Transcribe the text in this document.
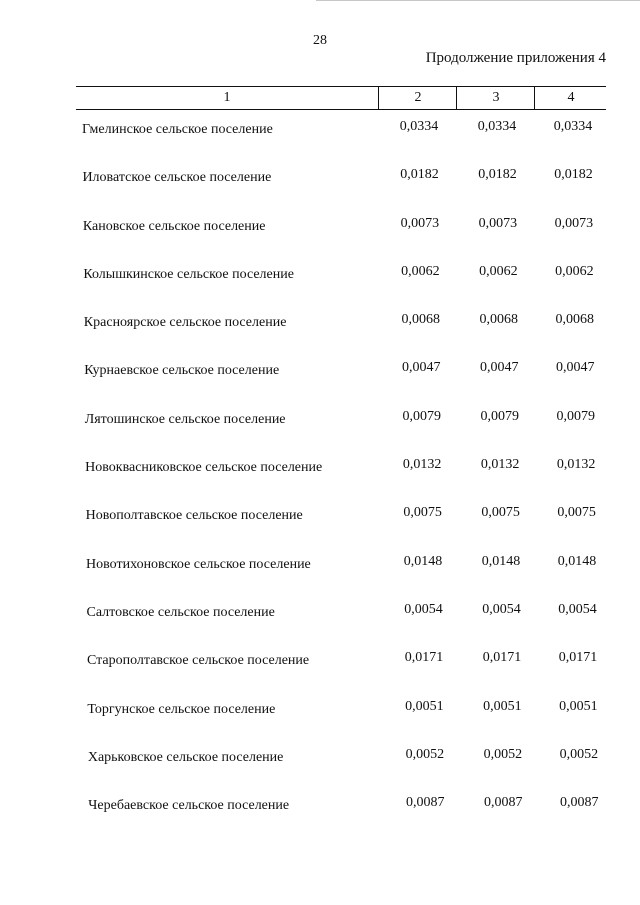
28
Продолжение приложения 4
1	2	3	4
Гмелинское сельское поселение	0,0334	0,0334	0,0334
Иловатское сельское поселение	0,0182	0,0182	0,0182
Кановское сельское поселение	0,0073	0,0073	0,0073
Колышкинское сельское поселение	0,0062	0,0062	0,0062
Красноярское сельское поселение	0,0068	0,0068	0,0068
Курнаевское сельское поселение	0,0047	0,0047	0,0047
Лятошинское сельское поселение	0,0079	0,0079	0,0079
Новоквасниковское сельское поселение	0,0132	0,0132	0,0132
Новополтавское сельское поселение	0,0075	0,0075	0,0075
Новотихоновское сельское поселение	0,0148	0,0148	0,0148
Салтовское сельское поселение	0,0054	0,0054	0,0054
Старополтавское сельское поселение	0,0171	0,0171	0,0171
Торгунское сельское поселение	0,0051	0,0051	0,0051
Харьковское сельское поселение	0,0052	0,0052	0,0052
Черебаевское сельское поселение	0,0087	0,0087	0,0087
